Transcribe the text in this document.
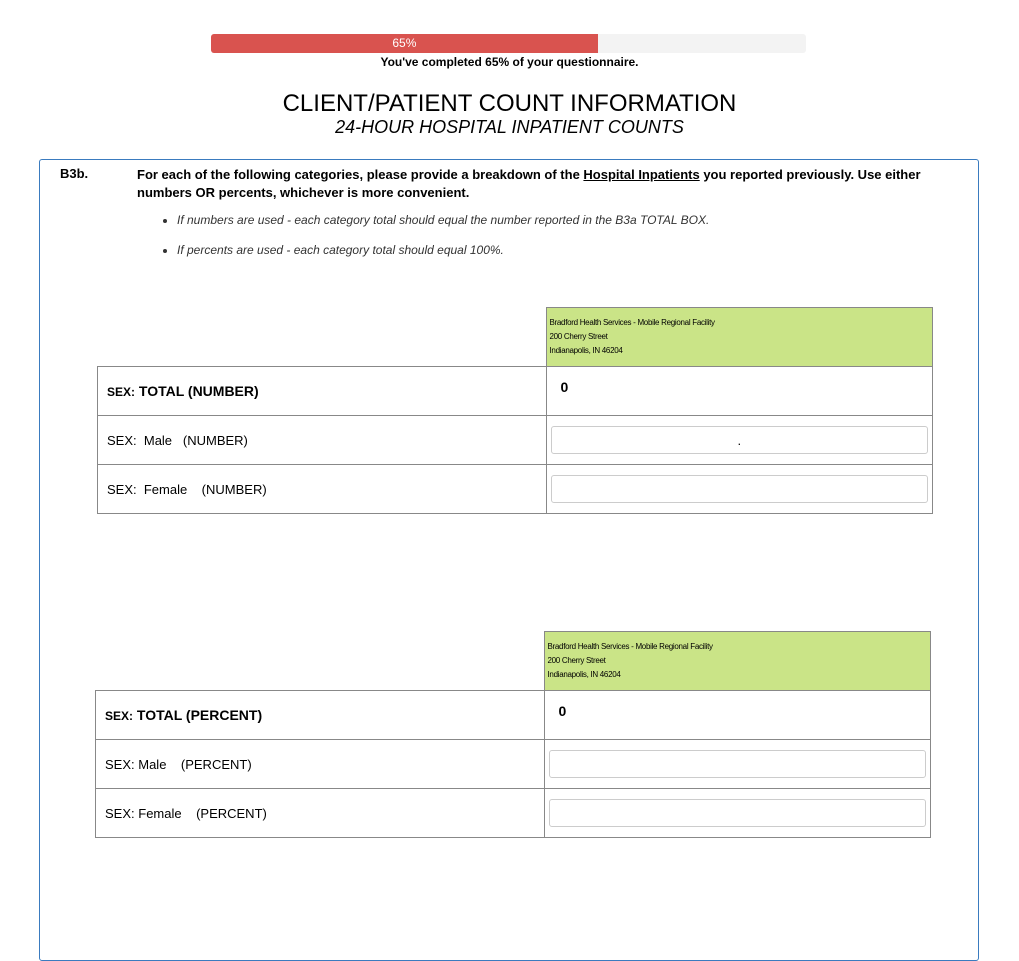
65%
You've completed 65% of your questionnaire.
CLIENT/PATIENT COUNT INFORMATION
24-HOUR HOSPITAL INPATIENT COUNTS
B3b.	For each of the following categories, please provide a breakdown of the Hospital Inpatients you reported previously. Use either numbers OR percents, whichever is more convenient.
• If numbers are used - each category total should equal the number reported in the B3a TOTAL BOX.
• If percents are used - each category total should equal 100%.

	Bradford Health Services - Mobile Regional Facility
200 Cherry Street
Indianapolis, IN 46204

SEX: TOTAL (NUMBER)	0
SEX: Male (NUMBER)	.
SEX: Female (NUMBER)	

	Bradford Health Services - Mobile Regional Facility
200 Cherry Street
Indianapolis, IN 46204

SEX: TOTAL (PERCENT)	0
SEX: Male (PERCENT)	
SEX: Female (PERCENT)	
